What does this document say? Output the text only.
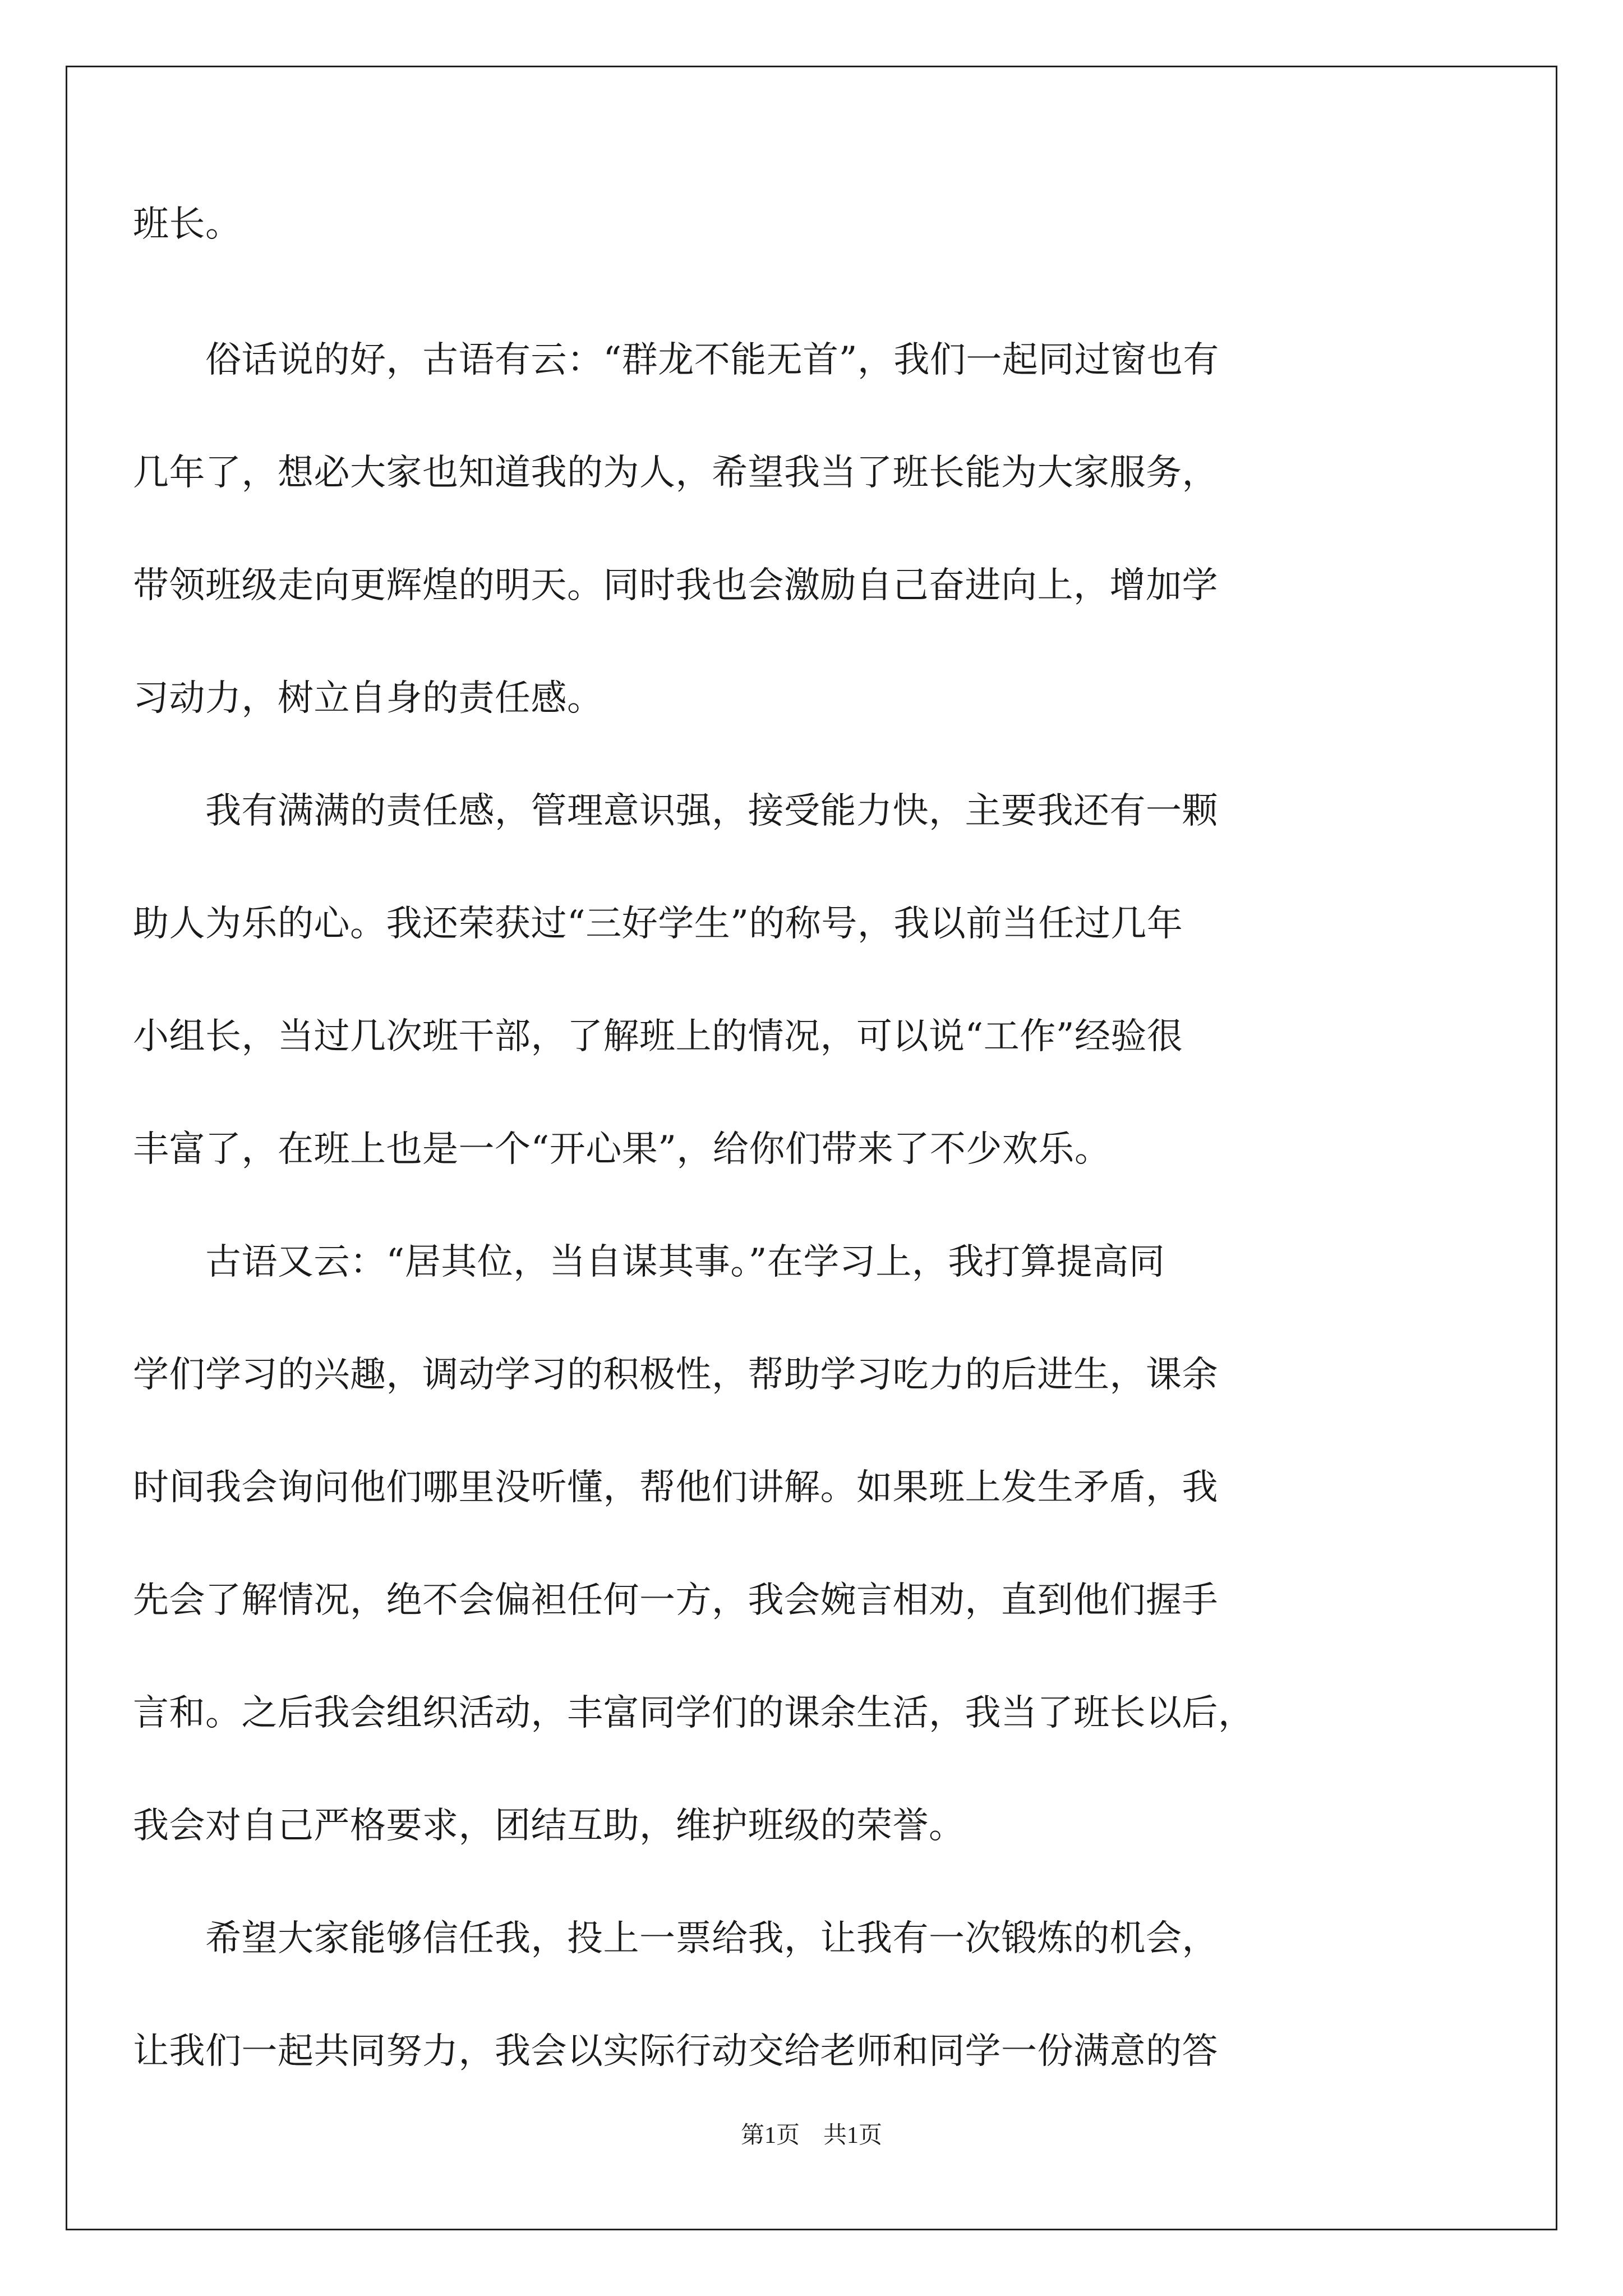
班长。

　　俗话说的好，古语有云：“群龙不能无首”，我们一起同过窗也有

几年了，想必大家也知道我的为人，希望我当了班长能为大家服务，

带领班级走向更辉煌的明天。同时我也会激励自己奋进向上，增加学

习动力，树立自身的责任感。

　　我有满满的责任感，管理意识强，接受能力快，主要我还有一颗

助人为乐的心。我还荣获过“三好学生”的称号，我以前当任过几年

小组长，当过几次班干部，了解班上的情况，可以说“工作”经验很

丰富了，在班上也是一个“开心果”，给你们带来了不少欢乐。

　　古语又云：“居其位，当自谋其事。”在学习上，我打算提高同

学们学习的兴趣，调动学习的积极性，帮助学习吃力的后进生，课余

时间我会询问他们哪里没听懂，帮他们讲解。如果班上发生矛盾，我

先会了解情况，绝不会偏袒任何一方，我会婉言相劝，直到他们握手

言和。之后我会组织活动，丰富同学们的课余生活，我当了班长以后，

我会对自己严格要求，团结互助，维护班级的荣誉。

　　希望大家能够信任我，投上一票给我，让我有一次锻炼的机会，

让我们一起共同努力，我会以实际行动交给老师和同学一份满意的答

第1页　共1页
